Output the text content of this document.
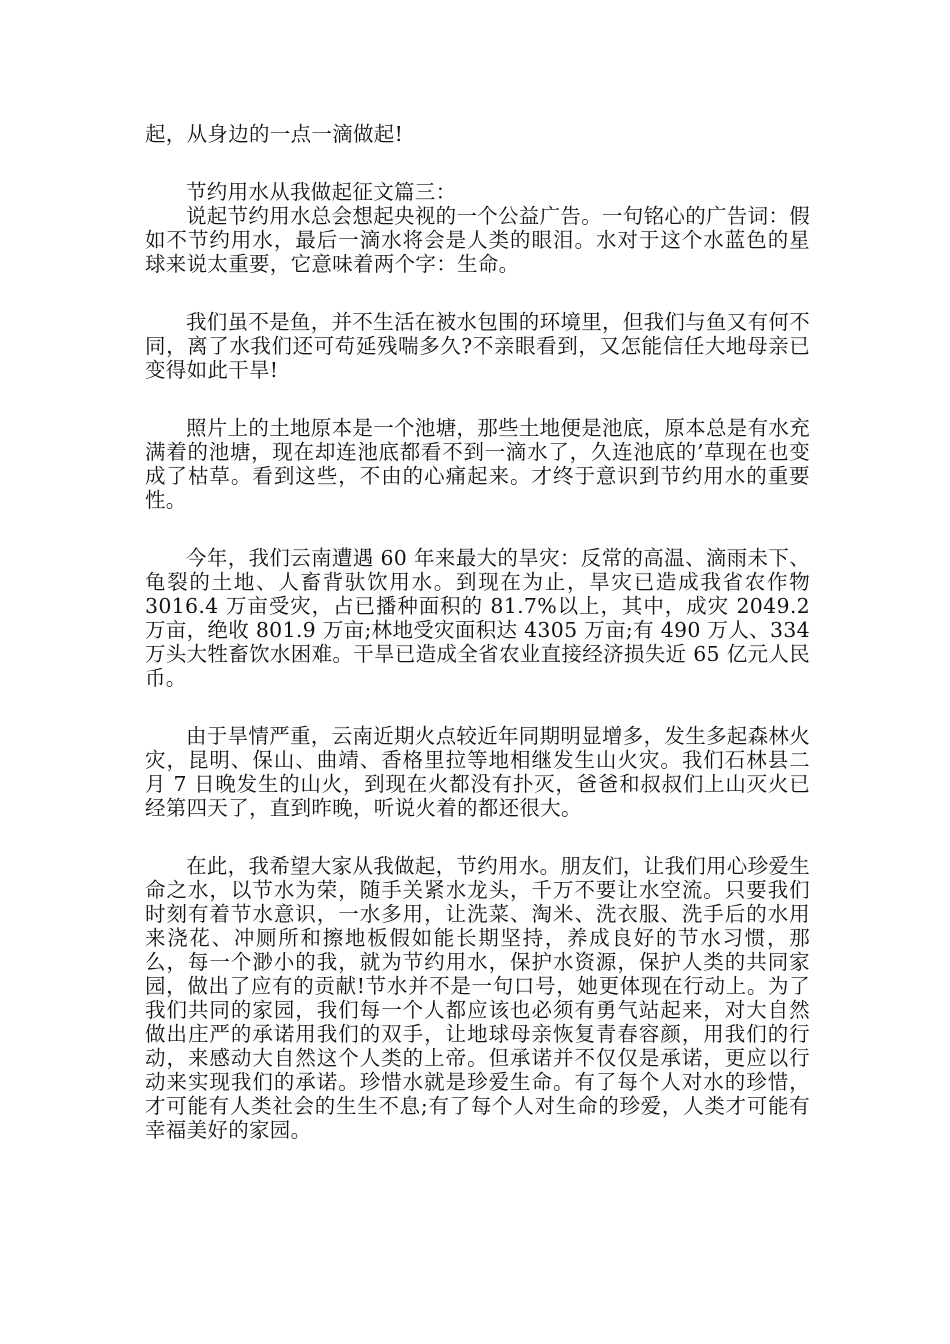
起，从身边的一点一滴做起!

节约用水从我做起征文篇三：

说起节约用水总会想起央视的一个公益广告。一句铭心的广告词：假如不节约用水，最后一滴水将会是人类的眼泪。水对于这个水蓝色的星球来说太重要，它意味着两个字：生命。

我们虽不是鱼，并不生活在被水包围的环境里，但我们与鱼又有何不同，离了水我们还可苟延残喘多久?不亲眼看到，又怎能信任大地母亲已变得如此干旱!

照片上的土地原本是一个池塘，那些土地便是池底，原本总是有水充满着的池塘，现在却连池底都看不到一滴水了，久连池底的’草现在也变成了枯草。看到这些，不由的心痛起来。才终于意识到节约用水的重要性。

今年，我们云南遭遇 60 年来最大的旱灾：反常的高温、滴雨未下、龟裂的土地、人畜背驮饮用水。到现在为止，旱灾已造成我省农作物 3016.4 万亩受灾，占已播种面积的 81.7%以上，其中，成灾 2049.2 万亩，绝收 801.9 万亩;林地受灾面积达 4305 万亩;有 490 万人、334 万头大牲畜饮水困难。干旱已造成全省农业直接经济损失近 65 亿元人民币。

由于旱情严重，云南近期火点较近年同期明显增多，发生多起森林火灾，昆明、保山、曲靖、香格里拉等地相继发生山火灾。我们石林县二月 7 日晚发生的山火，到现在火都没有扑灭，爸爸和叔叔们上山灭火已经第四天了，直到昨晚，听说火着的都还很大。

在此，我希望大家从我做起，节约用水。朋友们，让我们用心珍爱生命之水，以节水为荣，随手关紧水龙头，千万不要让水空流。只要我们时刻有着节水意识，一水多用，让洗菜、淘米、洗衣服、洗手后的水用来浇花、冲厕所和擦地板假如能长期坚持，养成良好的节水习惯，那么，每一个渺小的我，就为节约用水，保护水资源，保护人类的共同家园，做出了应有的贡献!节水并不是一句口号，她更体现在行动上。为了我们共同的家园，我们每一个人都应该也必须有勇气站起来，对大自然做出庄严的承诺用我们的双手，让地球母亲恢复青春容颜，用我们的行动，来感动大自然这个人类的上帝。但承诺并不仅仅是承诺，更应以行动来实现我们的承诺。珍惜水就是珍爱生命。有了每个人对水的珍惜，才可能有人类社会的生生不息;有了每个人对生命的珍爱，人类才可能有幸福美好的家园。
